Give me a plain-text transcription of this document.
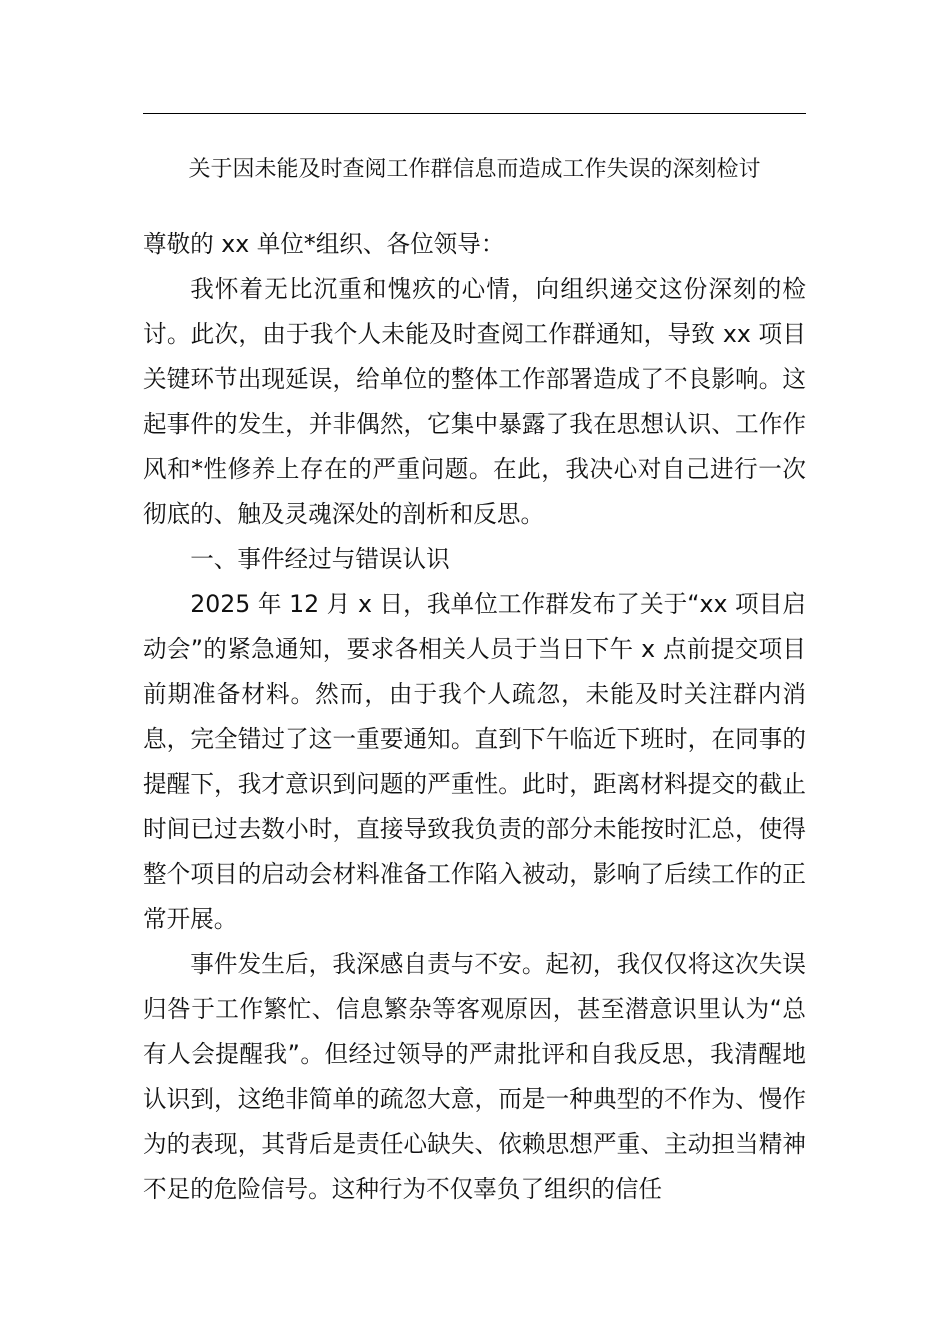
关于因未能及时查阅工作群信息而造成工作失误的深刻检讨

尊敬的 xx 单位*组织、各位领导：

我怀着无比沉重和愧疚的心情，向组织递交这份深刻的检讨。此次，由于我个人未能及时查阅工作群通知，导致 xx 项目关键环节出现延误，给单位的整体工作部署造成了不良影响。这起事件的发生，并非偶然，它集中暴露了我在思想认识、工作作风和*性修养上存在的严重问题。在此，我决心对自己进行一次彻底的、触及灵魂深处的剖析和反思。

一、事件经过与错误认识

2025 年 12 月 x 日，我单位工作群发布了关于“xx 项目启动会”的紧急通知，要求各相关人员于当日下午 x 点前提交项目前期准备材料。然而，由于我个人疏忽，未能及时关注群内消息，完全错过了这一重要通知。直到下午临近下班时，在同事的提醒下，我才意识到问题的严重性。此时，距离材料提交的截止时间已过去数小时，直接导致我负责的部分未能按时汇总，使得整个项目的启动会材料准备工作陷入被动，影响了后续工作的正常开展。

事件发生后，我深感自责与不安。起初，我仅仅将这次失误归咎于工作繁忙、信息繁杂等客观原因，甚至潜意识里认为“总有人会提醒我”。但经过领导的严肃批评和自我反思，我清醒地认识到，这绝非简单的疏忽大意，而是一种典型的不作为、慢作为的表现，其背后是责任心缺失、依赖思想严重、主动担当精神不足的危险信号。这种行为不仅辜负了组织的信任
